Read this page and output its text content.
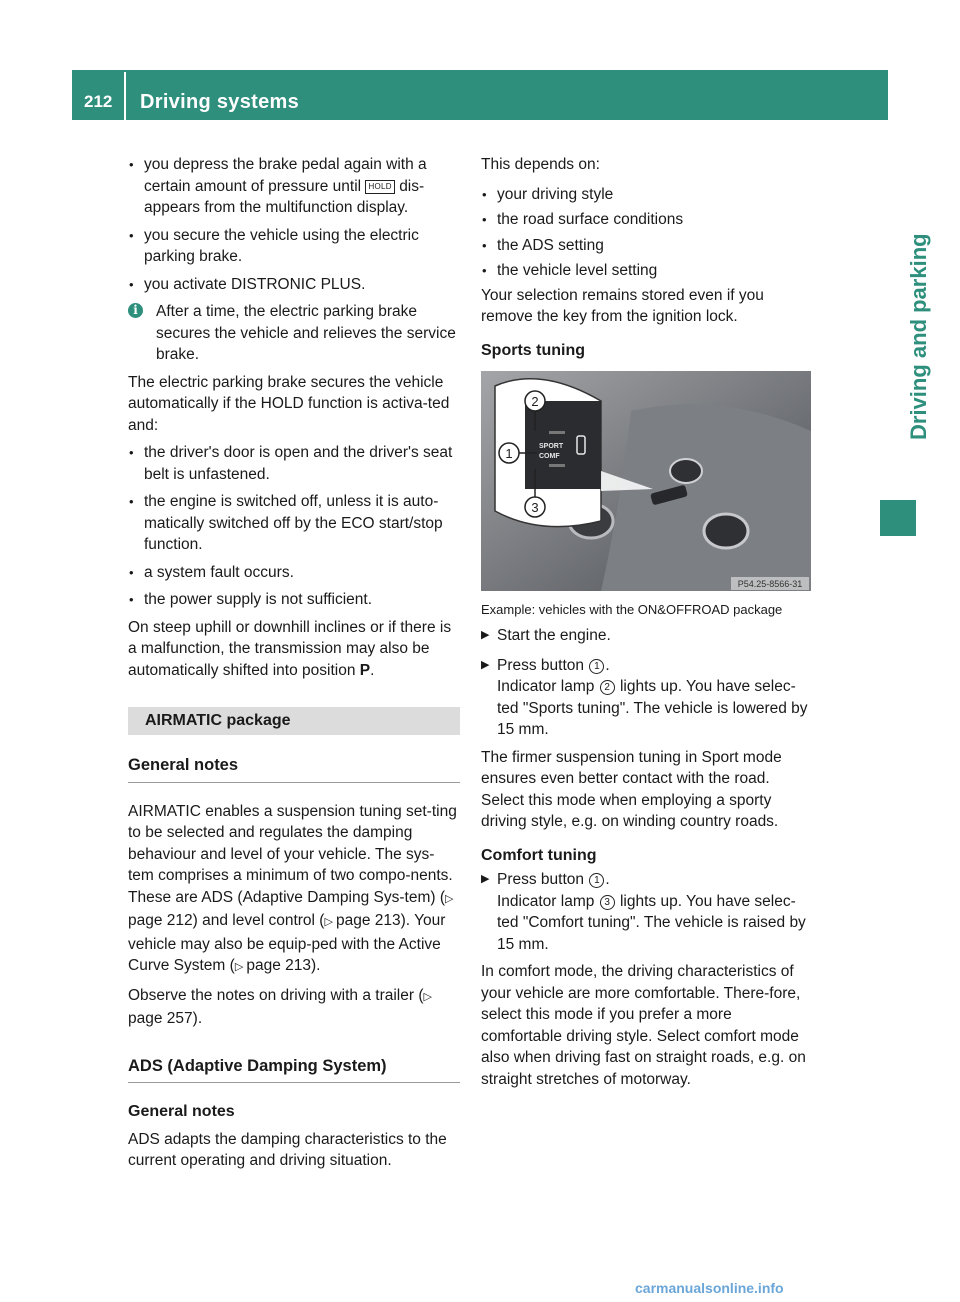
212 Driving systems
Driving and parking

• you depress the brake pedal again with a
certain amount of pressure until HOLD dis-
appears from the multifunction display.

• you secure the vehicle using the electric parking brake.

• you activate DISTRONIC PLUS.

i	After a time, the electric parking brake secures the vehicle and relieves the service brake.

The electric parking brake secures the vehicle automatically if the HOLD function is activa-ted and:

• the driver's door is open and the driver's seat belt is unfastened.

• the engine is switched off, unless it is auto-matically switched off by the ECO start/stop function.

• a system fault occurs.

• the power supply is not sufficient.

On steep uphill or downhill inclines or if there is a malfunction, the transmission may also be automatically shifted into position P.

AIRMATIC package
General notes

AIRMATIC enables a suspension tuning set-ting to be selected and regulates the damping behaviour and level of your vehicle. The sys-tem comprises a minimum of two compo-nents. These are ADS (Adaptive Damping Sys-tem) (▷ page 212) and level control (▷ page 213). Your vehicle may also be equip-ped with the Active Curve System (▷ page 213).

Observe the notes on driving with a trailer (▷ page 257).

ADS (Adaptive Damping System)
General notes

ADS adapts the damping characteristics to the current operating and driving situation.

This depends on:

• your driving style

• the road surface conditions

• the ADS setting

• the vehicle level setting

Your selection remains stored even if you remove the key from the ignition lock.

Sports tuning
SPORT
COMF
2
1
3
P54.25-8566-31

Example: vehicles with the ON&OFFROAD package

▶ Start the engine.

▶ Press button 1 .

Indicator lamp 2 lights up. You have selec-ted "Sports tuning". The vehicle is lowered by 15 mm.

The firmer suspension tuning in Sport mode ensures even better contact with the road. Select this mode when employing a sporty driving style, e.g. on winding country roads.

Comfort tuning

▶ Press button 1 .

Indicator lamp 3 lights up. You have selec-ted "Comfort tuning". The vehicle is raised by 15 mm.

In comfort mode, the driving characteristics of your vehicle are more comfortable. There-fore, select this mode if you prefer a more comfortable driving style. Select comfort mode also when driving fast on straight roads, e.g. on straight stretches of motorway.

carmanualsonline.info
